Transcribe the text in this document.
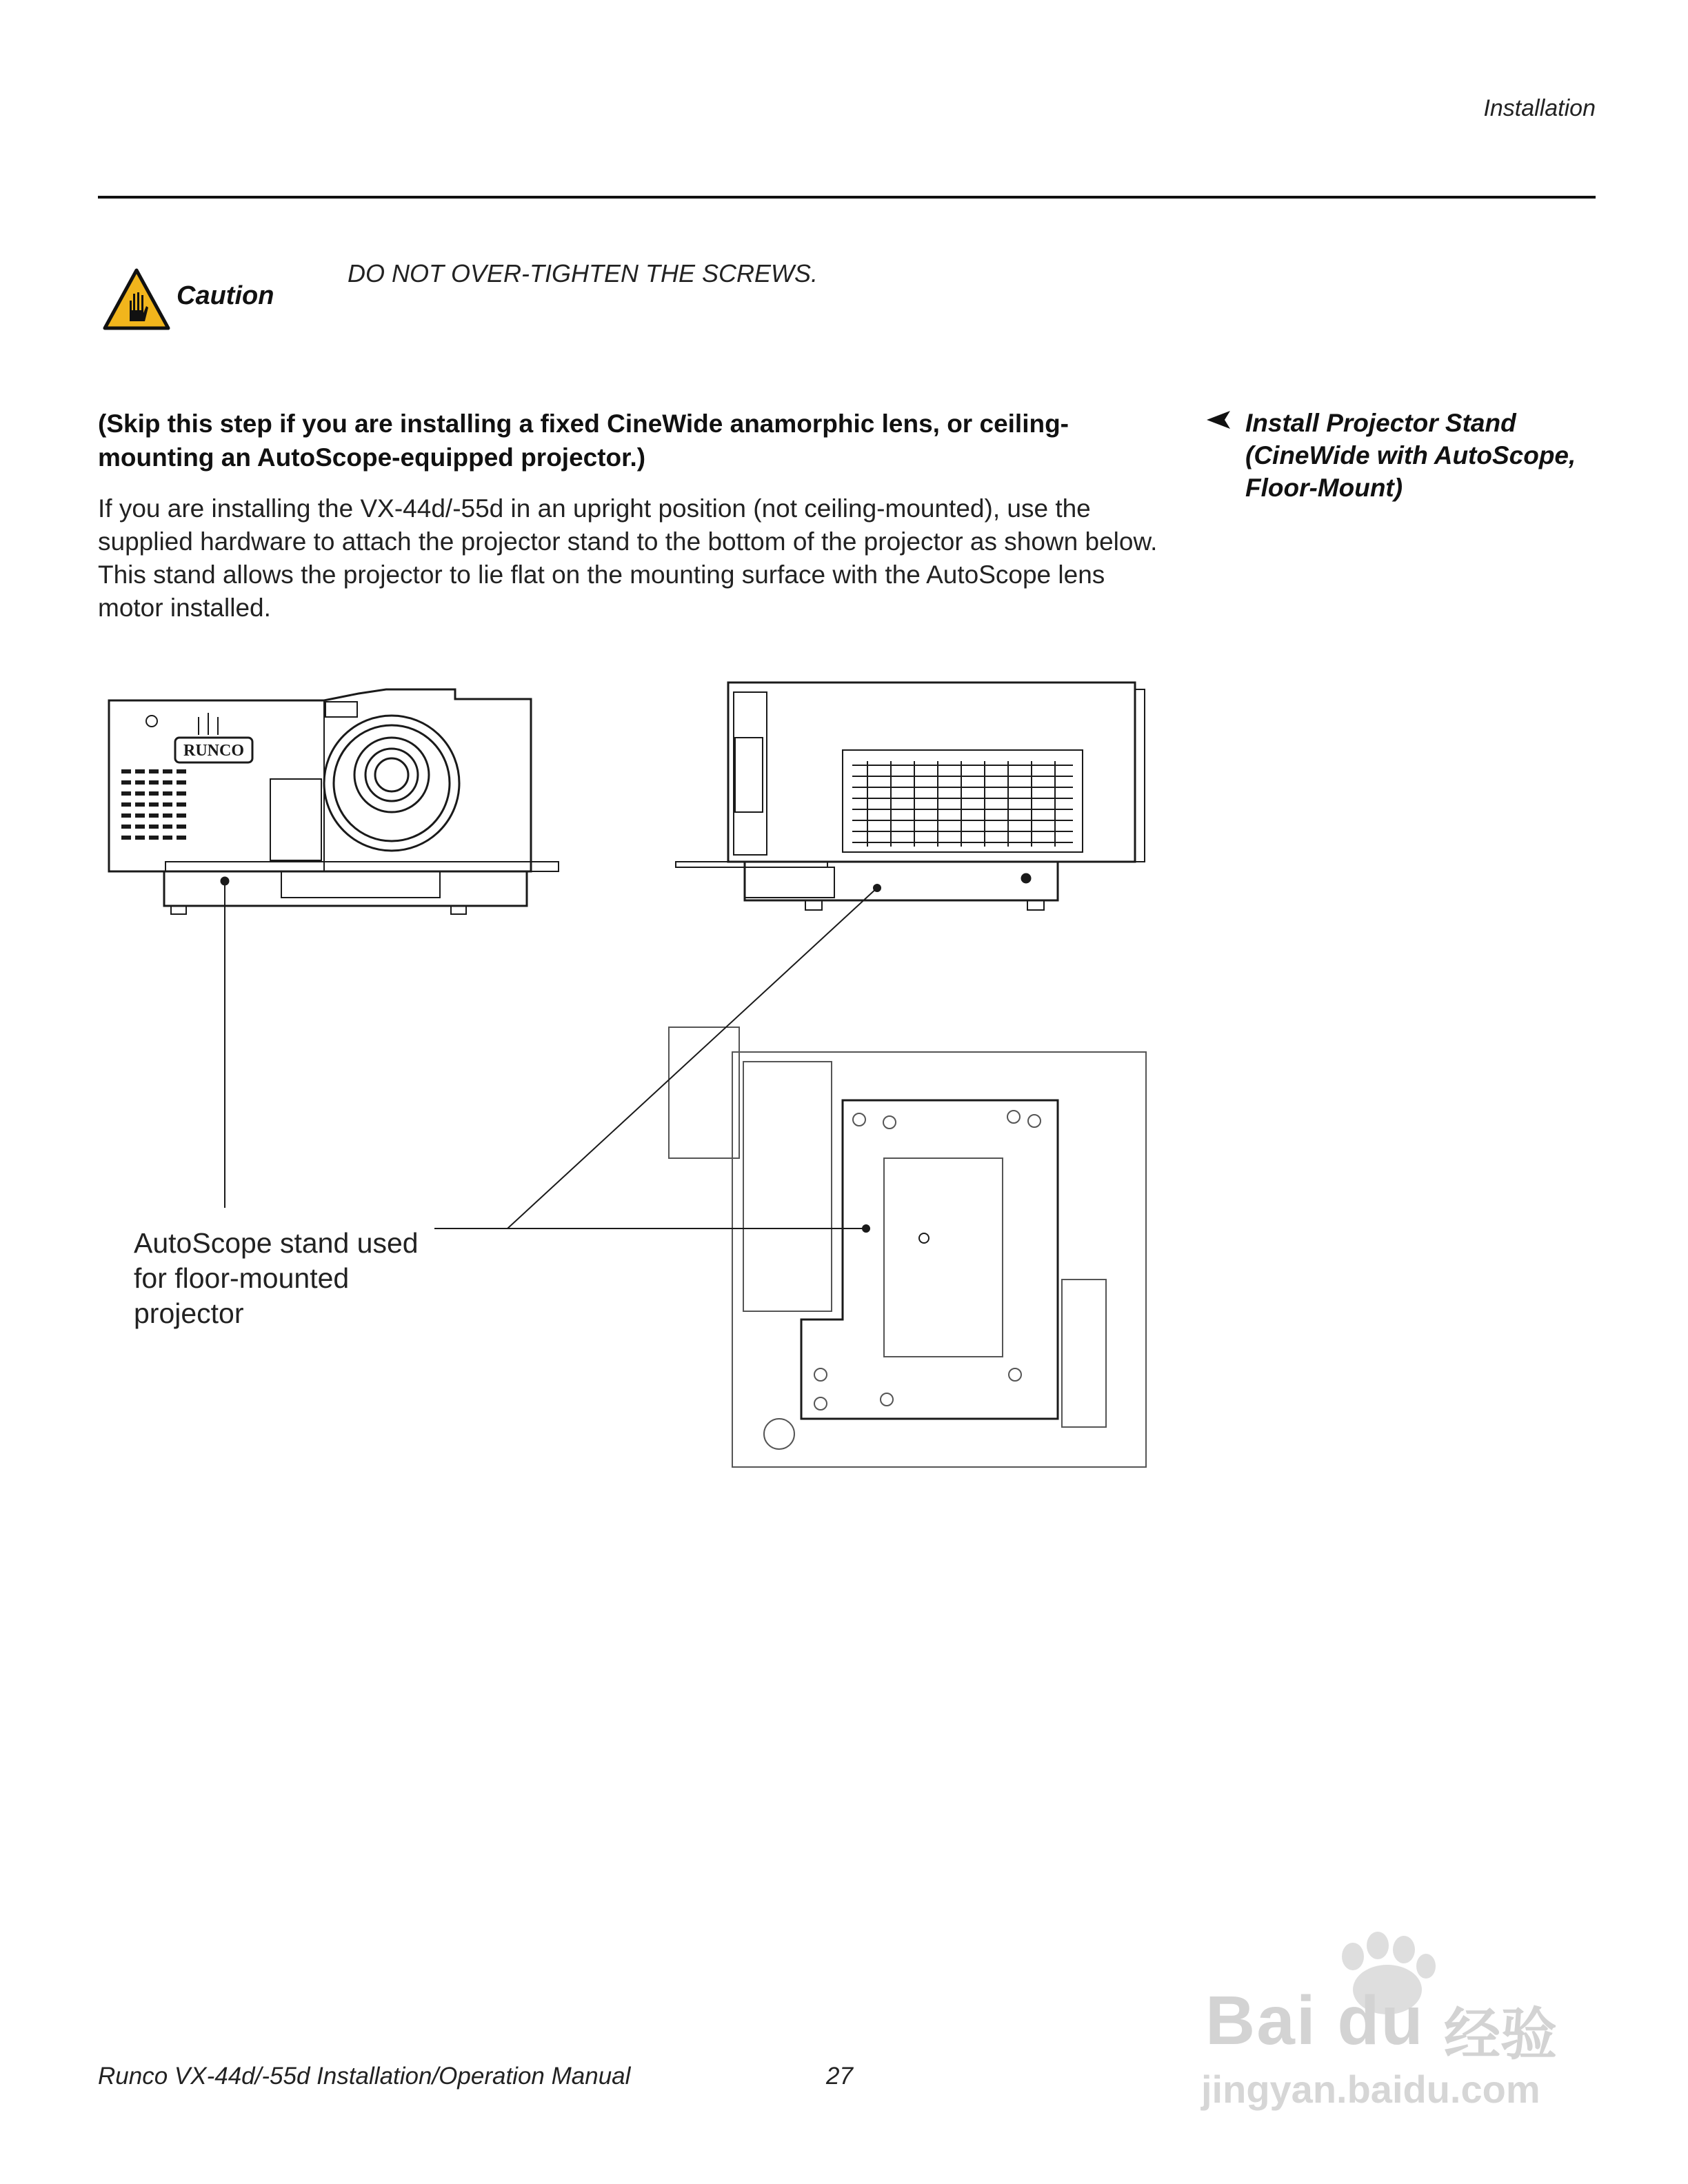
Installation
Caution
DO NOT OVER-TIGHTEN THE SCREWS.
(Skip this step if you are installing a fixed CineWide anamorphic lens, or ceiling-mounting an AutoScope-equipped projector.)
If you are installing the VX-44d/-55d in an upright position (not ceiling-mounted), use the supplied hardware to attach the projector stand to the bottom of the projector as shown below. This stand allows the projector to lie flat on the mounting surface with the AutoScope lens motor installed.
Install Projector Stand (CineWide with AutoScope, Floor-Mount)
RUNCO
AutoScope stand used for floor-mounted projector
Runco VX-44d/-55d Installation/Operation Manual	27
Bai du 经验
jingyan.baidu.com
